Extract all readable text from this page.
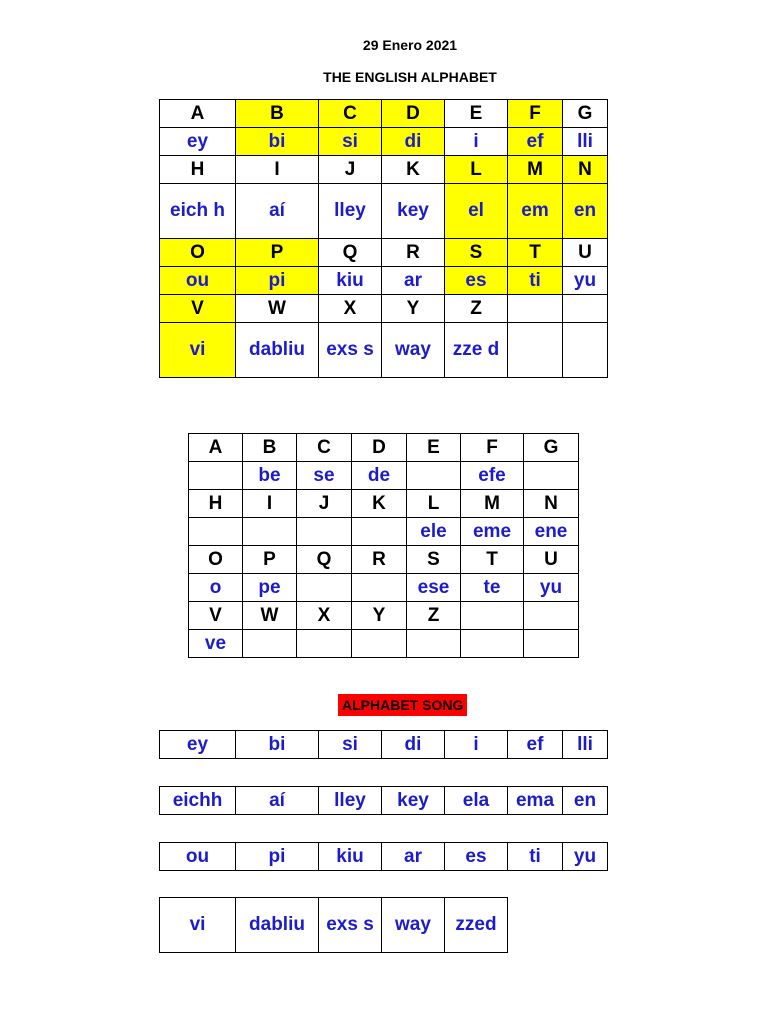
29 Enero 2021
THE ENGLISH ALPHABET
A	B	C	D	E	F	G
ey	bi	si	di	i	ef	lli
H	I	J	K	L	M	N
eich h	aí	lley	key	el	em	en
O	P	Q	R	S	T	U
ou	pi	kiu	ar	es	ti	yu
V	W	X	Y	Z		
vi	dabliu	exs s	way	zze d		
A	B	C	D	E	F	G
	be	se	de		efe	
H	I	J	K	L	M	N
				ele	eme	ene
O	P	Q	R	S	T	U
o	pe			ese	te	yu
V	W	X	Y	Z		
ve						
ALPHABET SONG
ey	bi	si	di	i	ef	lli
eichh	aí	lley	key	ela	ema	en
ou	pi	kiu	ar	es	ti	yu
vi	dabliu	exs s	way	zzed
